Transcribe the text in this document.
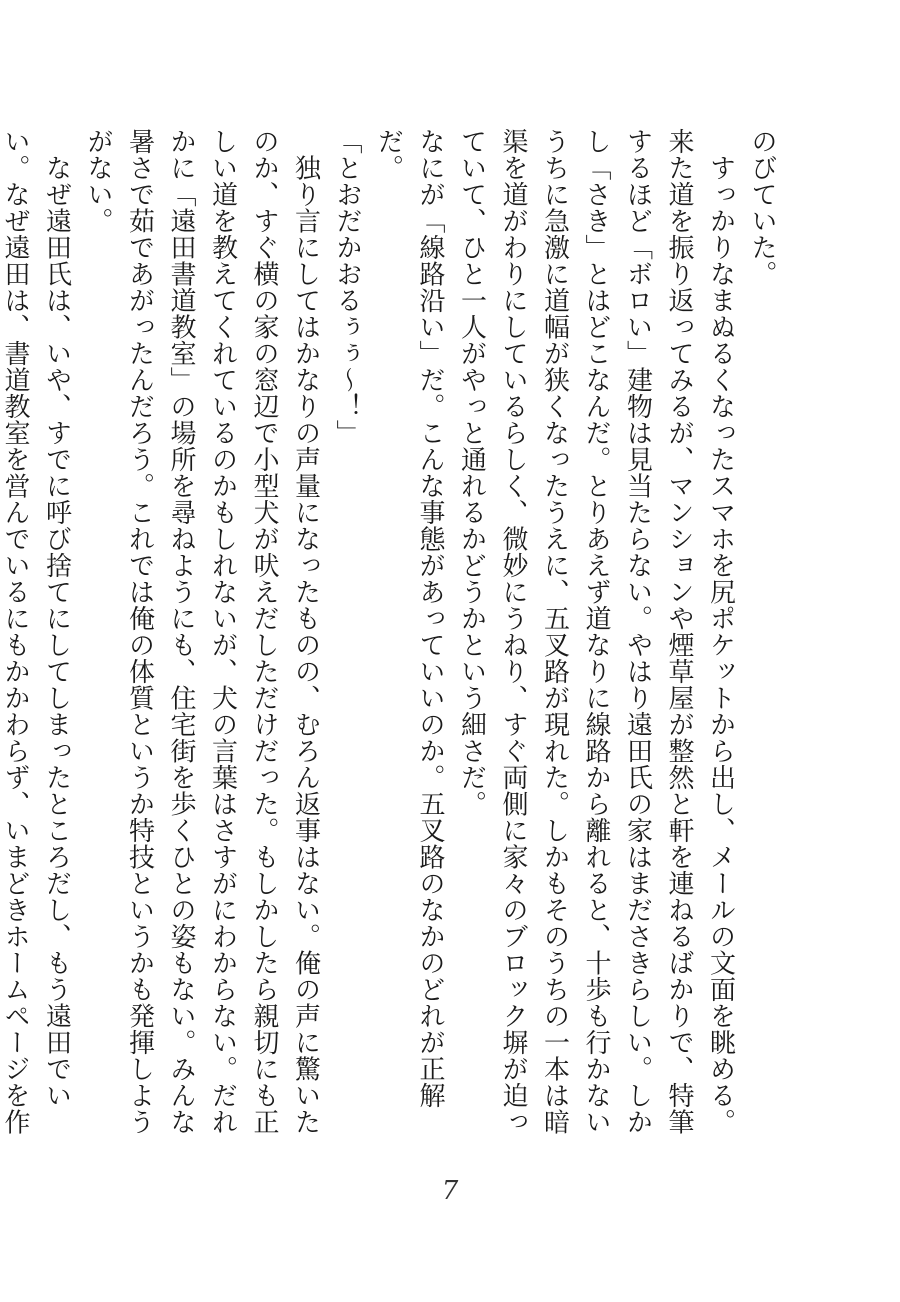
のびていた。

　すっかりなまぬるくなったスマホを尻ポケットから出し、メールの文面を眺める。来た道を振り返ってみるが、マンションや煙草屋が整然と軒を連ねるばかりで、特筆するほど「ボロい」建物は見当たらない。やはり遠田氏の家はまださきらしい。しかし「さき」とはどこなんだ。とりあえず道なりに線路から離れると、十歩も行かないうちに急激に道幅が狭くなったうえに、五叉路が現れた。しかもそのうちの一本は暗渠を道がわりにしているらしく、微妙にうねり、すぐ両側に家々のブロック塀が迫っていて、ひと一人がやっと通れるかどうかという細さだ。

なにが「線路沿い」だ。こんな事態があっていいのか。五叉路のなかのどれが正解だ。

「とおだかおるぅぅ〜！」

　独り言にしてはかなりの声量になったものの、むろん返事はない。俺の声に驚いたのか、すぐ横の家の窓辺で小型犬が吠えだしただけだった。もしかしたら親切にも正しい道を教えてくれているのかもしれないが、犬の言葉はさすがにわからない。だれかに「遠田書道教室」の場所を尋ねようにも、住宅街を歩くひとの姿もない。みんな暑さで茹であがったんだろう。これでは俺の体質というか特技というかも発揮しようがない。

　なぜ遠田氏は、いや、すでに呼び捨てにしてしまったところだし、もう遠田でいい。なぜ遠田は、書道教室を営んでいるにもかかわらず、いまどきホームページを作

7
